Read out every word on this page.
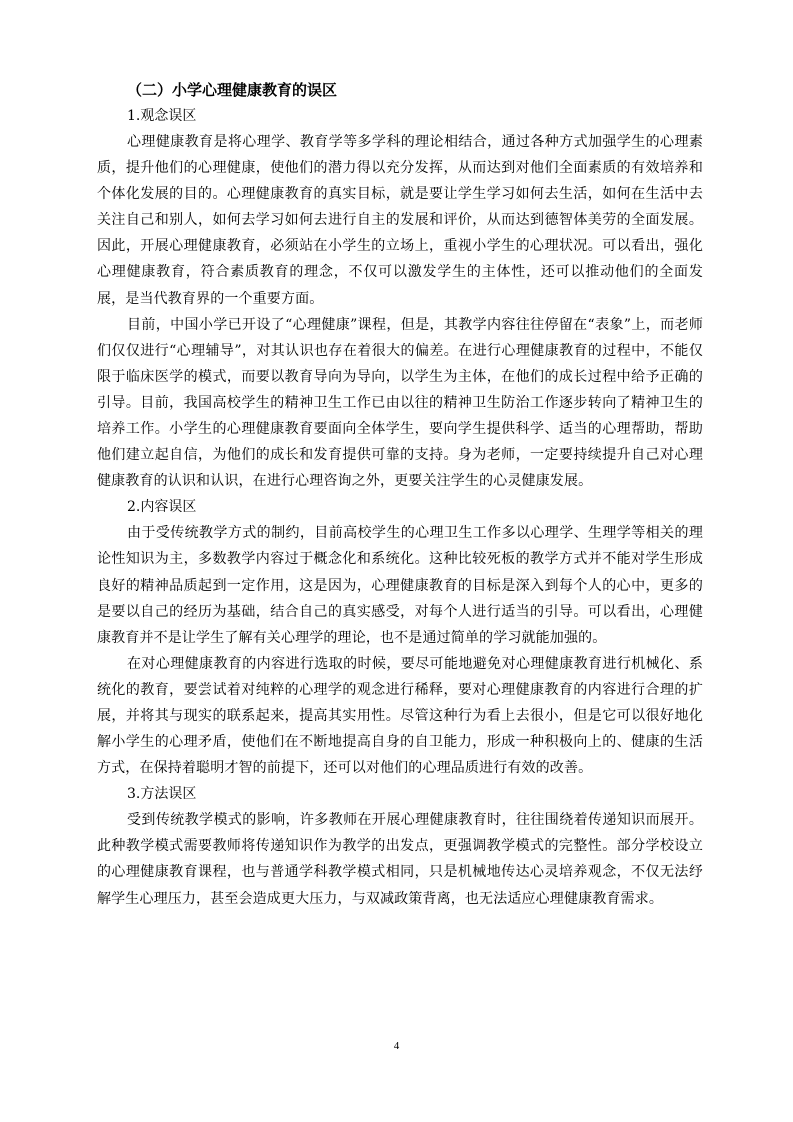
（二）小学心理健康教育的误区
1.观念误区

心理健康教育是将心理学、教育学等多学科的理论相结合，通过各种方式加强学生的心理素质，提升他们的心理健康，使他们的潜力得以充分发挥，从而达到对他们全面素质的有效培养和个体化发展的目的。心理健康教育的真实目标，就是要让学生学习如何去生活，如何在生活中去关注自己和别人，如何去学习如何去进行自主的发展和评价，从而达到德智体美劳的全面发展。因此，开展心理健康教育，必须站在小学生的立场上，重视小学生的心理状况。可以看出，强化心理健康教育，符合素质教育的理念，不仅可以激发学生的主体性，还可以推动他们的全面发展，是当代教育界的一个重要方面。

目前，中国小学已开设了“心理健康”课程，但是，其教学内容往往停留在“表象”上，而老师们仅仅进行“心理辅导”，对其认识也存在着很大的偏差。在进行心理健康教育的过程中，不能仅限于临床医学的模式，而要以教育导向为导向，以学生为主体，在他们的成长过程中给予正确的引导。目前，我国高校学生的精神卫生工作已由以往的精神卫生防治工作逐步转向了精神卫生的培养工作。小学生的心理健康教育要面向全体学生，要向学生提供科学、适当的心理帮助，帮助他们建立起自信，为他们的成长和发育提供可靠的支持。身为老师，一定要持续提升自己对心理健康教育的认识和认识，在进行心理咨询之外，更要关注学生的心灵健康发展。

2.内容误区

由于受传统教学方式的制约，目前高校学生的心理卫生工作多以心理学、生理学等相关的理论性知识为主，多数教学内容过于概念化和系统化。这种比较死板的教学方式并不能对学生形成良好的精神品质起到一定作用，这是因为，心理健康教育的目标是深入到每个人的心中，更多的是要以自己的经历为基础，结合自己的真实感受，对每个人进行适当的引导。可以看出，心理健康教育并不是让学生了解有关心理学的理论，也不是通过简单的学习就能加强的。

在对心理健康教育的内容进行选取的时候，要尽可能地避免对心理健康教育进行机械化、系统化的教育，要尝试着对纯粹的心理学的观念进行稀释，要对心理健康教育的内容进行合理的扩展，并将其与现实的联系起来，提高其实用性。尽管这种行为看上去很小，但是它可以很好地化解小学生的心理矛盾，使他们在不断地提高自身的自卫能力，形成一种积极向上的、健康的生活方式，在保持着聪明才智的前提下，还可以对他们的心理品质进行有效的改善。

3.方法误区

受到传统教学模式的影响，许多教师在开展心理健康教育时，往往围绕着传递知识而展开。此种教学模式需要教师将传递知识作为教学的出发点，更强调教学模式的完整性。部分学校设立的心理健康教育课程，也与普通学科教学模式相同，只是机械地传达心灵培养观念，不仅无法纾解学生心理压力，甚至会造成更大压力，与双减政策背离，也无法适应心理健康教育需求。

4
